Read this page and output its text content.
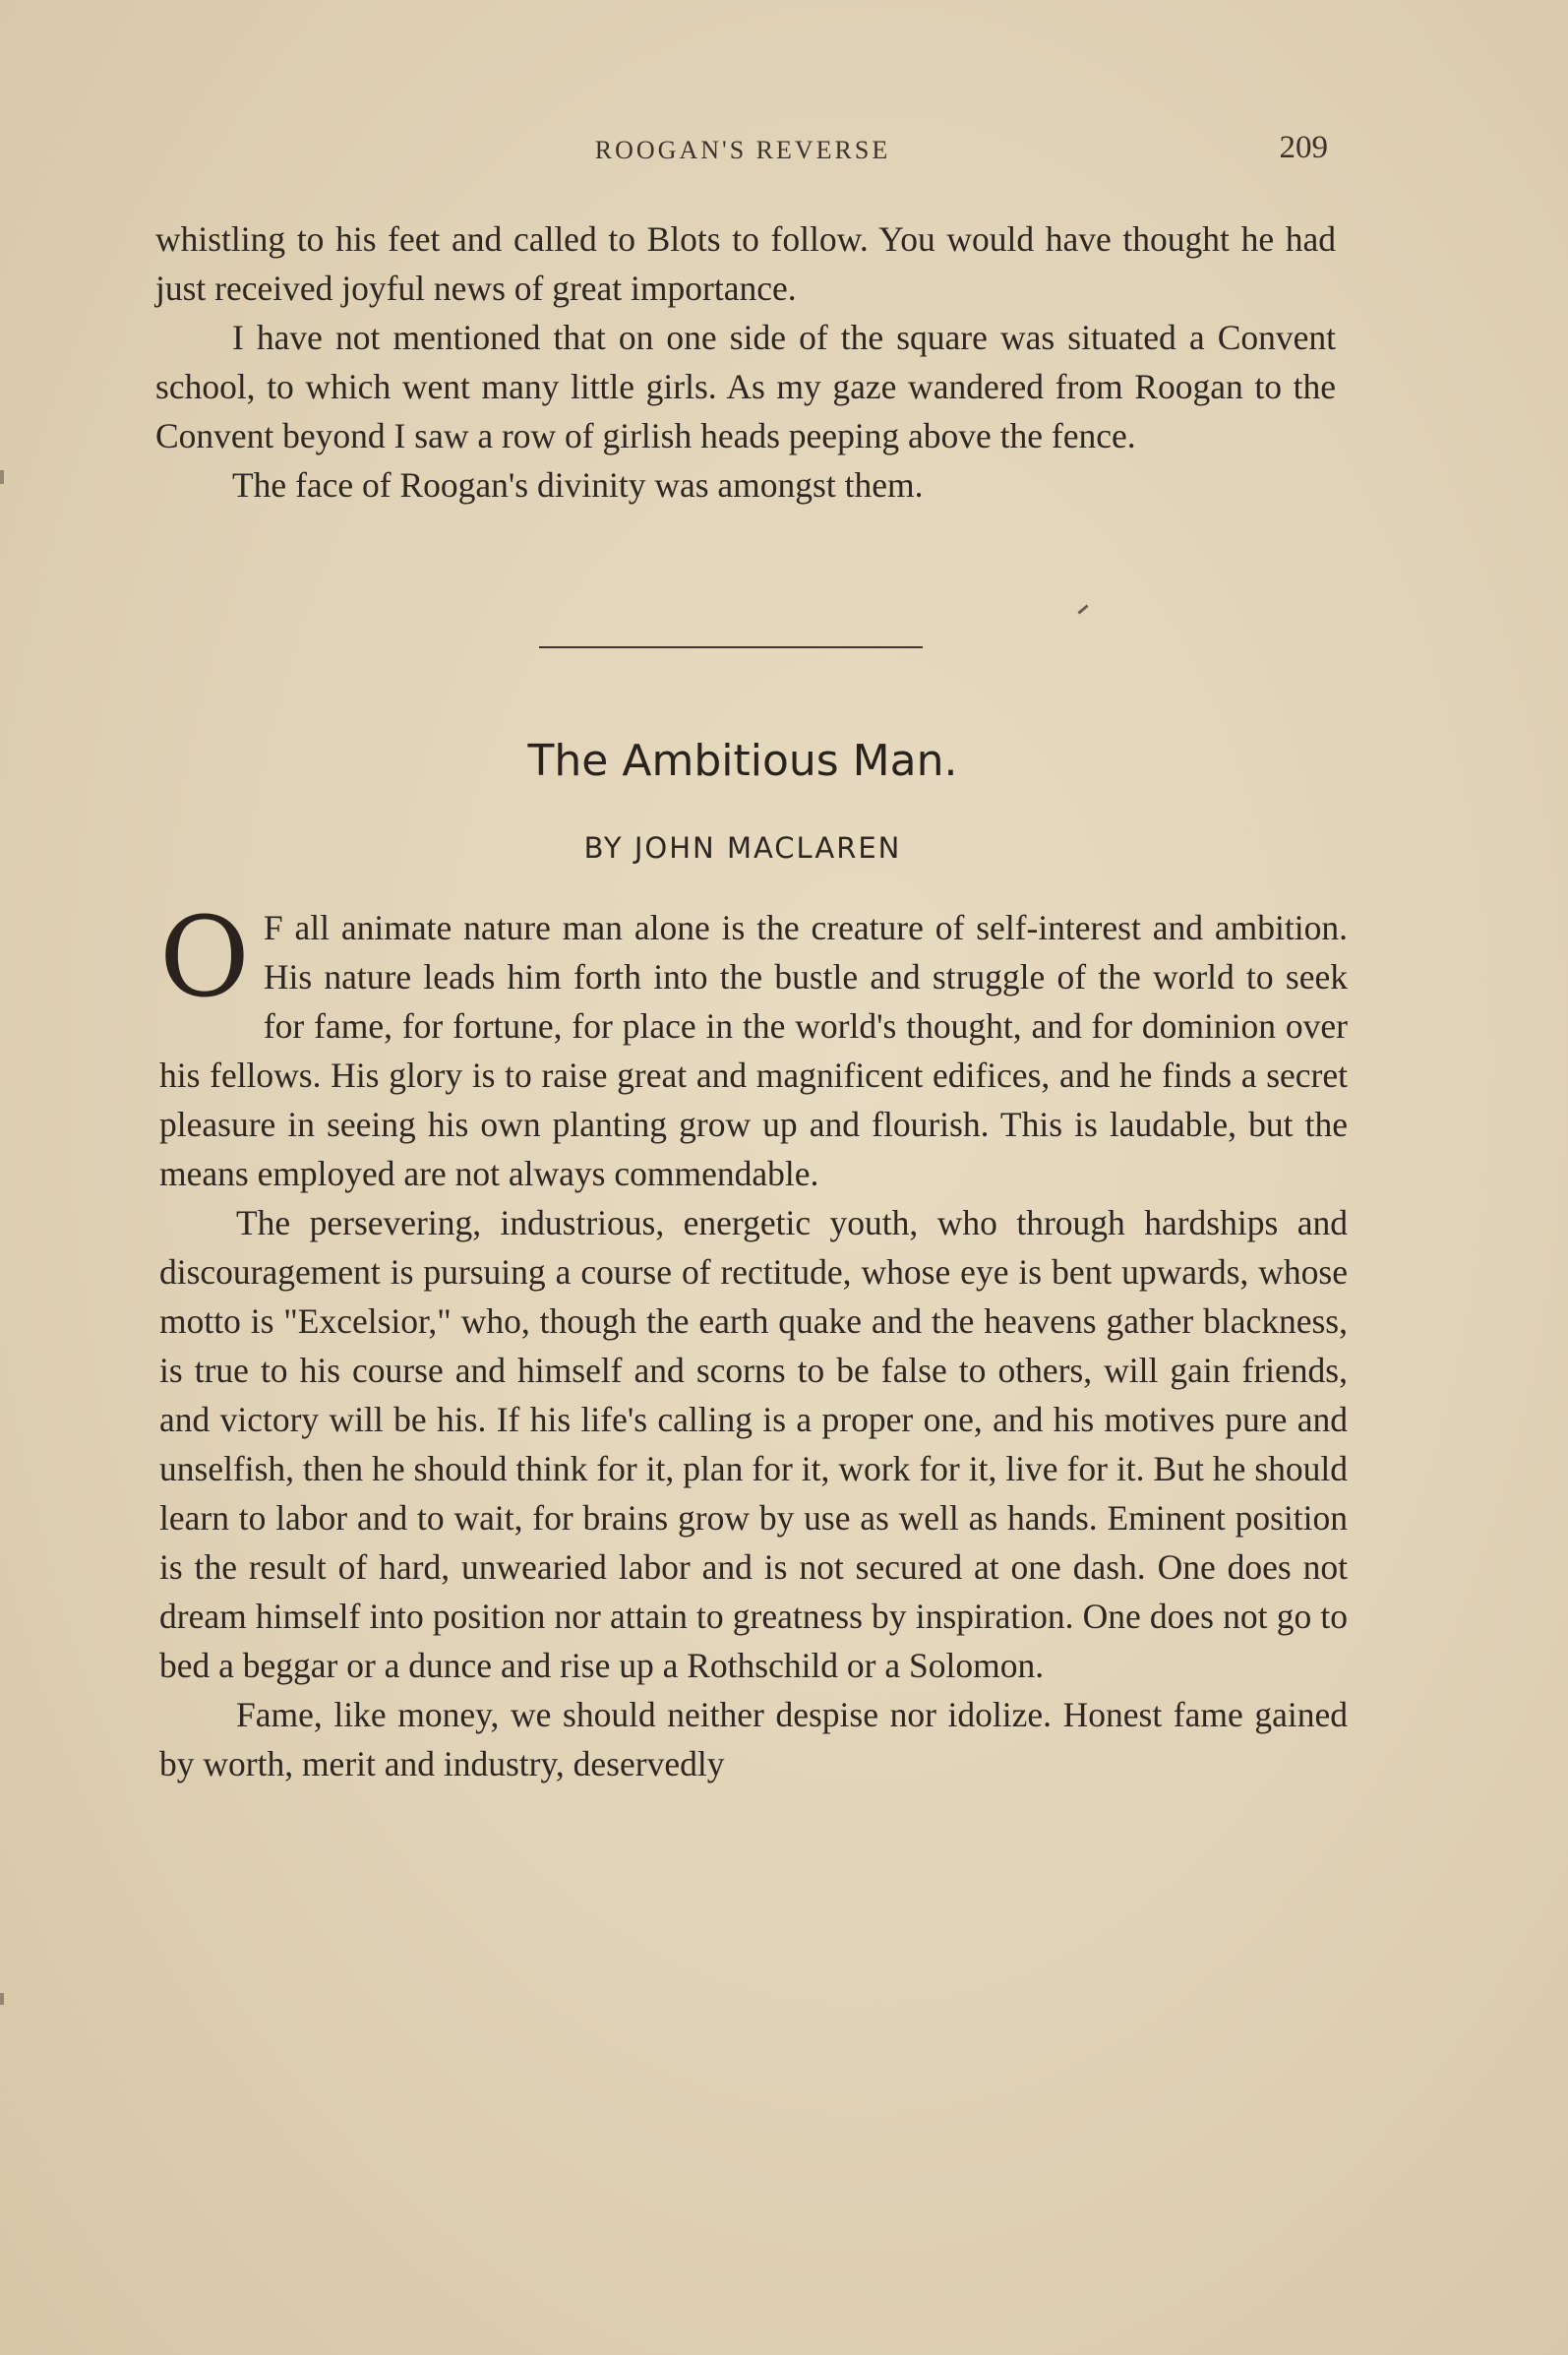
ROOGAN'S REVERSE	209

whistling to his feet and called to Blots to follow. You would have thought he had just received joyful news of great importance.

I have not mentioned that on one side of the square was situated a Convent school, to which went many little girls. As my gaze wandered from Roogan to the Convent beyond I saw a row of girlish heads peeping above the fence.

The face of Roogan's divinity was amongst them.

The Ambitious Man.
BY JOHN MACLAREN

O F all animate nature man alone is the creature of self-interest and ambition. His nature leads him forth into the bustle and struggle of the world to seek for fame, for fortune, for place in the world's thought, and for dominion over his fellows. His glory is to raise great and magnificent edifices, and he finds a secret pleasure in seeing his own planting grow up and flourish. This is laudable, but the means employed are not always commendable.

The persevering, industrious, energetic youth, who through hardships and discouragement is pursuing a course of rectitude, whose eye is bent upwards, whose motto is "Excelsior," who, though the earth quake and the heavens gather blackness, is true to his course and himself and scorns to be false to others, will gain friends, and victory will be his. If his life's calling is a proper one, and his motives pure and unselfish, then he should think for it, plan for it, work for it, live for it. But he should learn to labor and to wait, for brains grow by use as well as hands. Eminent position is the result of hard, unwearied labor and is not secured at one dash. One does not dream himself into position nor attain to greatness by inspiration. One does not go to bed a beggar or a dunce and rise up a Rothschild or a Solomon.

Fame, like money, we should neither despise nor idolize. Honest fame gained by worth, merit and industry, deservedly
